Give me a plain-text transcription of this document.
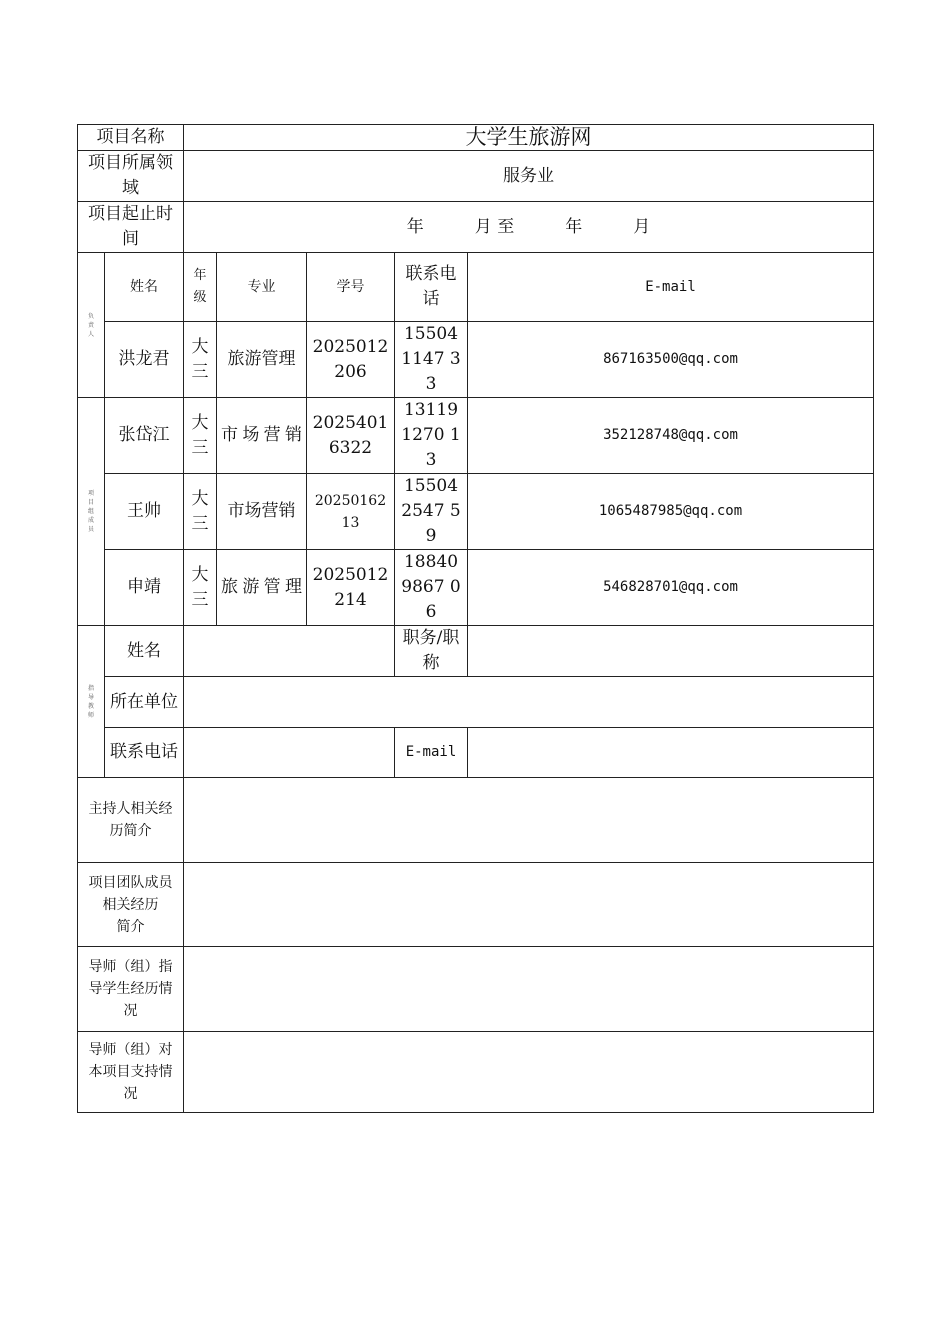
项目名称		大学生旅游网				
项目所属领域		服务业				
项目起止时间		年　　　月 至　　　年　　　月				

负责人	姓名	年级	专业	学号	联系电话	E-mail
	洪龙君	大三	旅游管理	2025012206	155041147 33	867163500@qq.com

项目组成员	张岱江	大三	市场营销	20254016322	131191270 13	352128748@qq.com
	王帅	大三	市场营销	2025016213	155042547 59	1065487985@qq.com
	申靖	大三	旅游管理	2025012214	188409867 06	546828701@qq.com

指导教师	姓名				职务/职称	
	所在单位					
	联系电话				E-mail	
主持人相关经历简介						

项目团队成员
相关经历
简介						

导师（组）指导学生经历情况						
导师（组）对本项目支持情况						
